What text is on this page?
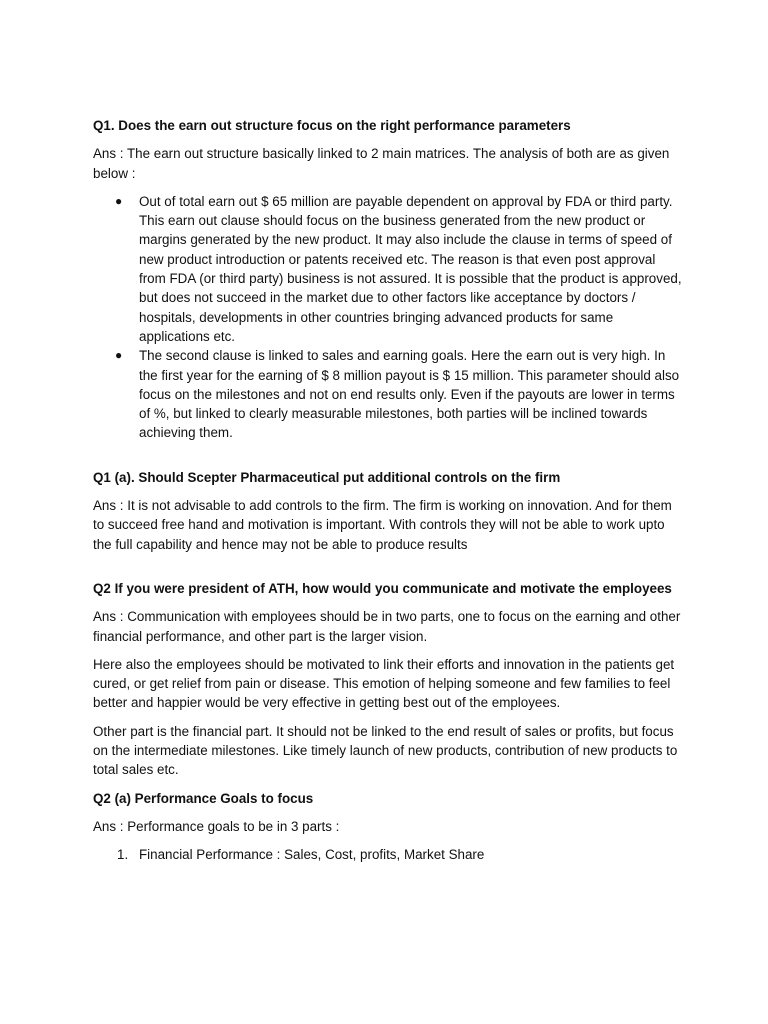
Q1. Does the earn out structure focus on the right performance parameters

Ans : The earn out structure basically linked to 2 main matrices. The analysis of both are as given below :

● Out of total earn out $ 65 million are payable dependent on approval by FDA or third party. This earn out clause should focus on the business generated from the new product or margins generated by the new product. It may also include the clause in terms of speed of new product introduction or patents received etc. The reason is that even post approval from FDA (or third party) business is not assured. It is possible that the product is approved, but does not succeed in the market due to other factors like acceptance by doctors / hospitals, developments in other countries bringing advanced products for same applications etc.
● The second clause is linked to sales and earning goals. Here the earn out is very high. In the first year for the earning of $ 8 million payout is $ 15 million. This parameter should also focus on the milestones and not on end results only. Even if the payouts are lower in terms of %, but linked to clearly measurable milestones, both parties will be inclined towards achieving them.
Q1 (a). Should Scepter Pharmaceutical put additional controls on the firm

Ans : It is not advisable to add controls to the firm. The firm is working on innovation. And for them to succeed free hand and motivation is important. With controls they will not be able to work upto the full capability and hence may not be able to produce results

Q2 If you were president of ATH, how would you communicate and motivate the employees

Ans : Communication with employees should be in two parts, one to focus on the earning and other financial performance, and other part is the larger vision.

Here also the employees should be motivated to link their efforts and innovation in the patients get cured, or get relief from pain or disease. This emotion of helping someone and few families to feel better and happier would be very effective in getting best out of the employees.

Other part is the financial part. It should not be linked to the end result of sales or profits, but focus on the intermediate milestones. Like timely launch of new products, contribution of new products to total sales etc.

Q2 (a) Performance Goals to focus

Ans : Performance goals to be in 3 parts :

1. Financial Performance : Sales, Cost, profits, Market Share
